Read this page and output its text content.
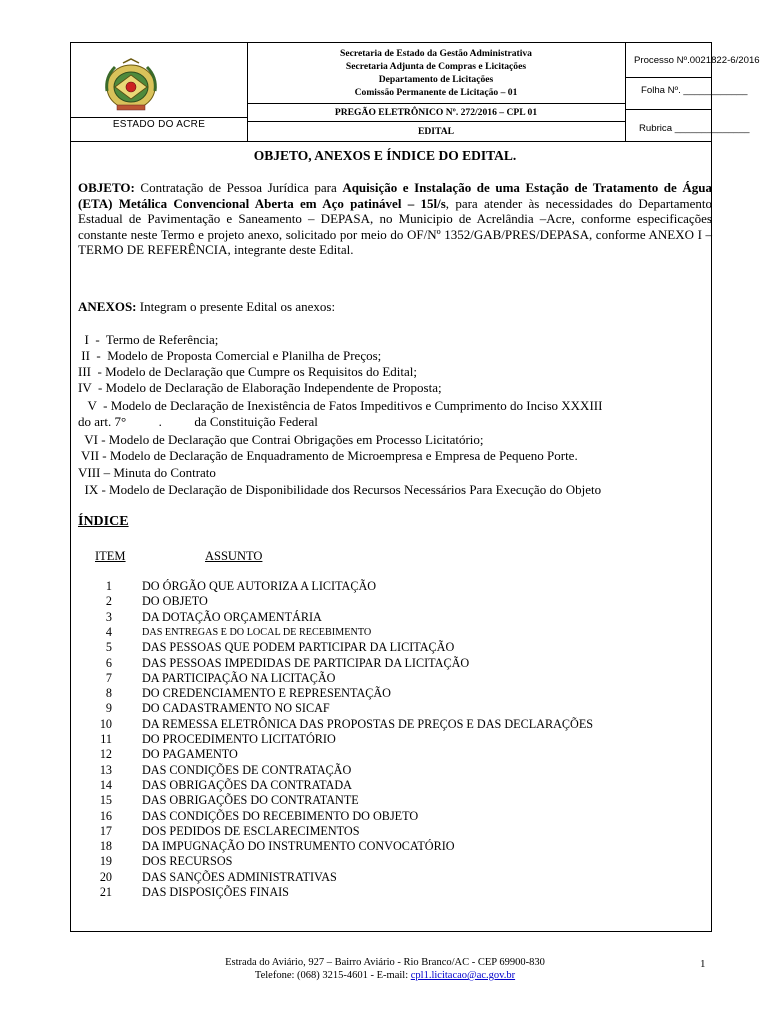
ESTADO DO ACRE
Secretaria de Estado da Gestão Administrativa
Secretaria Adjunta de Compras e Licitações
Departamento de Licitações
Comissão Permanente de Licitação – 01
PREGÃO ELETRÔNICO Nº. 272/2016 – CPL 01
EDITAL
Processo Nº.0021822-6/2016
Folha Nº. ____________
Rubrica ______________
OBJETO, ANEXOS E ÍNDICE DO EDITAL.
OBJETO: Contratação de Pessoa Jurídica para Aquisição e Instalação de uma Estação de Tratamento de Água (ETA) Metálica Convencional Aberta em Aço patinável – 15l/s, para atender às necessidades do Departamento Estadual de Pavimentação e Saneamento – DEPASA, no Municipio de Acrelândia –Acre, conforme especificações constante neste Termo e projeto anexo, solicitado por meio do OF/Nº 1352/GAB/PRES/DEPASA, conforme ANEXO I – TERMO DE REFERÊNCIA, integrante deste Edital.
ANEXOS: Integram o presente Edital os anexos:
I  -  Termo de Referência;
II  -  Modelo de Proposta Comercial e Planilha de Preços;
III  - Modelo de Declaração que Cumpre os Requisitos do Edital;
IV  - Modelo de Declaração de Elaboração Independente de Proposta;
V  - Modelo de Declaração de Inexistência de Fatos Impeditivos e Cumprimento do Inciso XXXIII
do art. 7°          .          da Constituição Federal
VI - Modelo de Declaração que Contrai Obrigações em Processo Licitatório;
VII - Modelo de Declaração de Enquadramento de Microempresa e Empresa de Pequeno Porte.
VIII – Minuta do Contrato
IX - Modelo de Declaração de Disponibilidade dos Recursos Necessários Para Execução do Objeto
ÍNDICE
ITEM	ASSUNTO
1 DO ÓRGÃO QUE AUTORIZA A LICITAÇÃO
2 DO OBJETO
3 DA DOTAÇÃO ORÇAMENTÁRIA
4	DAS ENTREGAS E DO LOCAL DE RECEBIMENTO
5 DAS PESSOAS QUE PODEM PARTICIPAR DA LICITAÇÃO
6 DAS PESSOAS IMPEDIDAS DE PARTICIPAR DA LICITAÇÃO
7 DA PARTICIPAÇÃO NA LICITAÇÃO
8 DO CREDENCIAMENTO E REPRESENTAÇÃO
9 DO CADASTRAMENTO NO SICAF
10 DA REMESSA ELETRÔNICA DAS PROPOSTAS DE PREÇOS E DAS DECLARAÇÕES
11 DO PROCEDIMENTO LICITATÓRIO
12 DO PAGAMENTO
13 DAS CONDIÇÕES DE CONTRATAÇÃO
14 DAS OBRIGAÇÕES DA CONTRATADA
15 DAS OBRIGAÇÕES DO CONTRATANTE
16 DAS CONDIÇÕES DO RECEBIMENTO DO OBJETO
17 DOS PEDIDOS DE ESCLARECIMENTOS
18 DA IMPUGNAÇÃO DO INSTRUMENTO CONVOCATÓRIO
19 DOS RECURSOS
20 DAS SANÇÕES ADMINISTRATIVAS
21 DAS DISPOSIÇÕES FINAIS
Estrada do Aviário, 927 – Bairro Aviário - Rio Branco/AC - CEP 69900-830
Telefone: (068) 3215-4601 - E-mail: cpl1.licitacao@ac.gov.br
1
